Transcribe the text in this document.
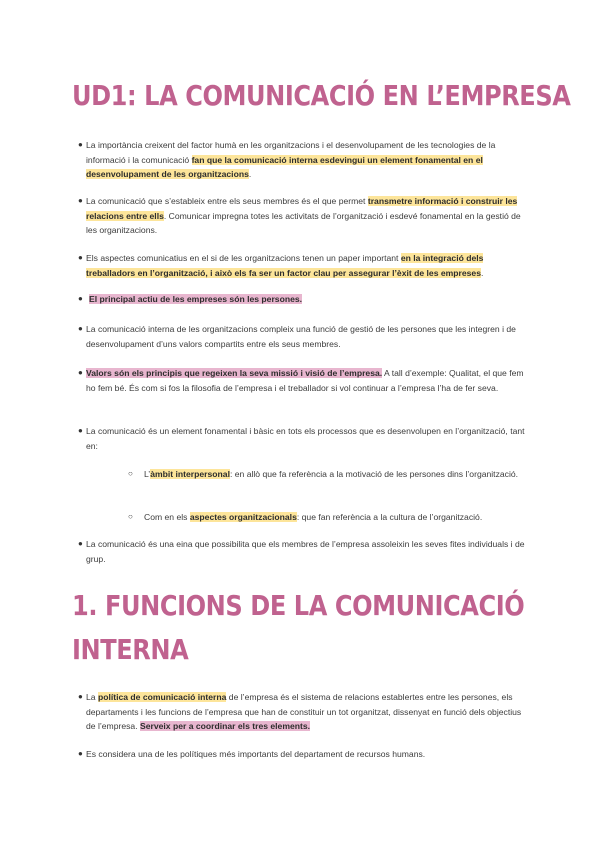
UD1: LA COMUNICACIÓ EN L’EMPRESA
● La importància creixent del factor humà en les organitzacions i el desenvolupament de les tecnologies de la informació i la comunicació fan que la comunicació interna esdevingui un element fonamental en el desenvolupament de les organitzacions.
● La comunicació que s’estableix entre els seus membres és el que permet transmetre informació i construir les relacions entre ells. Comunicar impregna totes les activitats de l’organització i esdevé fonamental en la gestió de les organitzacions.
● Els aspectes comunicatius en el si de les organitzacions tenen un paper important en la integració dels treballadors en l’organització, i això els fa ser un factor clau per assegurar l’èxit de les empreses.
● El principal actiu de les empreses són les persones.
● La comunicació interna de les organitzacions compleix una funció de gestió de les persones que les integren i de desenvolupament d’uns valors compartits entre els seus membres.
● Valors són els principis que regeixen la seva missió i visió de l’empresa. A tall d’exemple: Qualitat, el que fem ho fem bé. És com si fos la filosofia de l’empresa i el treballador si vol continuar a l’empresa l’ha de fer seva.
● La comunicació és un element fonamental i bàsic en tots els processos que es desenvolupen en l’organització, tant en:
○ L’àmbit interpersonal: en allò que fa referència a la motivació de les persones dins l’organització.
○ Com en els aspectes organitzacionals: que fan referència a la cultura de l’organització.
● La comunicació és una eina que possibilita que els membres de l’empresa assoleixin les seves fites individuals i de grup.
1. FUNCIONS DE LA COMUNICACIÓ
INTERNA
● La política de comunicació interna de l’empresa és el sistema de relacions establertes entre les persones, els departaments i les funcions de l’empresa que han de constituir un tot organitzat, dissenyat en funció dels objectius de l’empresa. Serveix per a coordinar els tres elements.
● Es considera una de les polítiques més importants del departament de recursos humans.
